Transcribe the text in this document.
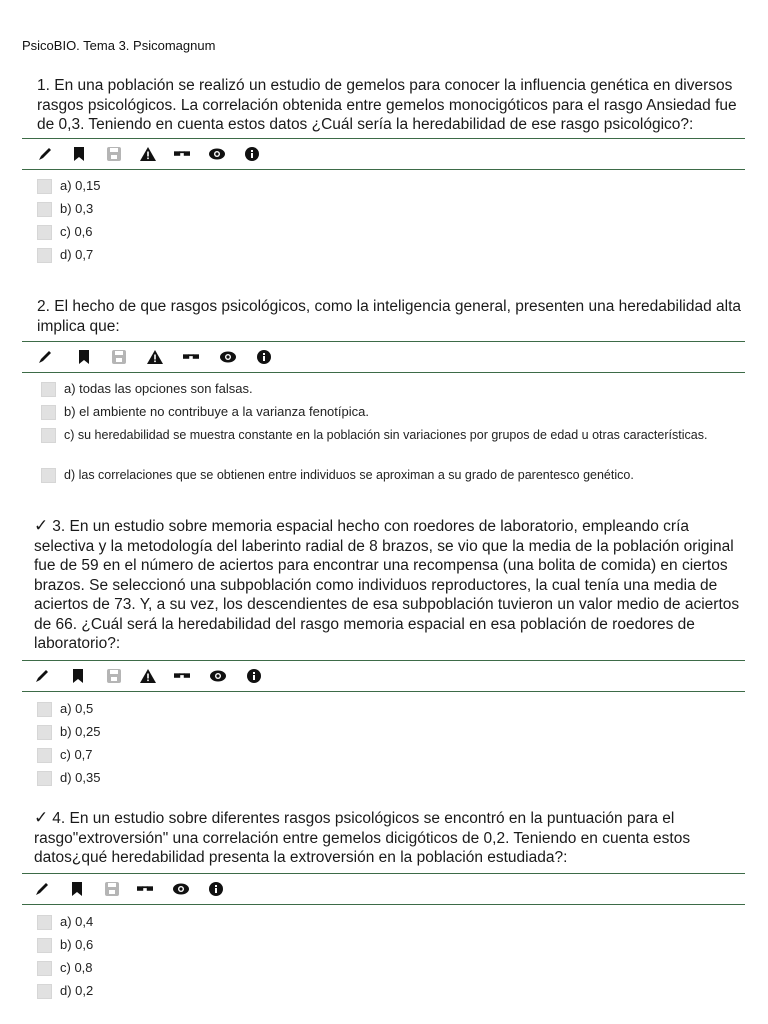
PsicoBIO. Tema 3. Psicomagnum

1. En una población se realizó un estudio de gemelos para conocer la influencia genética en diversos rasgos psicológicos. La correlación obtenida entre gemelos monocigóticos para el rasgo Ansiedad fue de 0,3. Teniendo en cuenta estos datos ¿Cuál sería la heredabilidad de ese rasgo psicológico?:

a) 0,15
b) 0,3
c) 0,6
d) 0,7

2. El hecho de que rasgos psicológicos, como la inteligencia general, presenten una heredabilidad alta implica que:

a) todas las opciones son falsas.
b) el ambiente no contribuye a la varianza fenotípica.
c) su heredabilidad se muestra constante en la población sin variaciones por grupos de edad u otras características.
d) las correlaciones que se obtienen entre individuos se aproximan a su grado de parentesco genético.

✓ 3. En un estudio sobre memoria espacial hecho con roedores de laboratorio, empleando cría selectiva y la metodología del laberinto radial de 8 brazos, se vio que la media de la población original fue de 59 en el número de aciertos para encontrar una recompensa (una bolita de comida) en ciertos brazos. Se seleccionó una subpoblación como individuos reproductores, la cual tenía una media de aciertos de 73. Y, a su vez, los descendientes de esa subpoblación tuvieron un valor medio de aciertos de 66. ¿Cuál será la heredabilidad del rasgo memoria espacial en esa población de roedores de laboratorio?:

a) 0,5
b) 0,25
c) 0,7
d) 0,35

✓ 4. En un estudio sobre diferentes rasgos psicológicos se encontró en la puntuación para el rasgo"extroversión" una correlación entre gemelos dicigóticos de 0,2. Teniendo en cuenta estos datos¿qué heredabilidad presenta la extroversión en la población estudiada?:

a) 0,4
b) 0,6
c) 0,8
d) 0,2
